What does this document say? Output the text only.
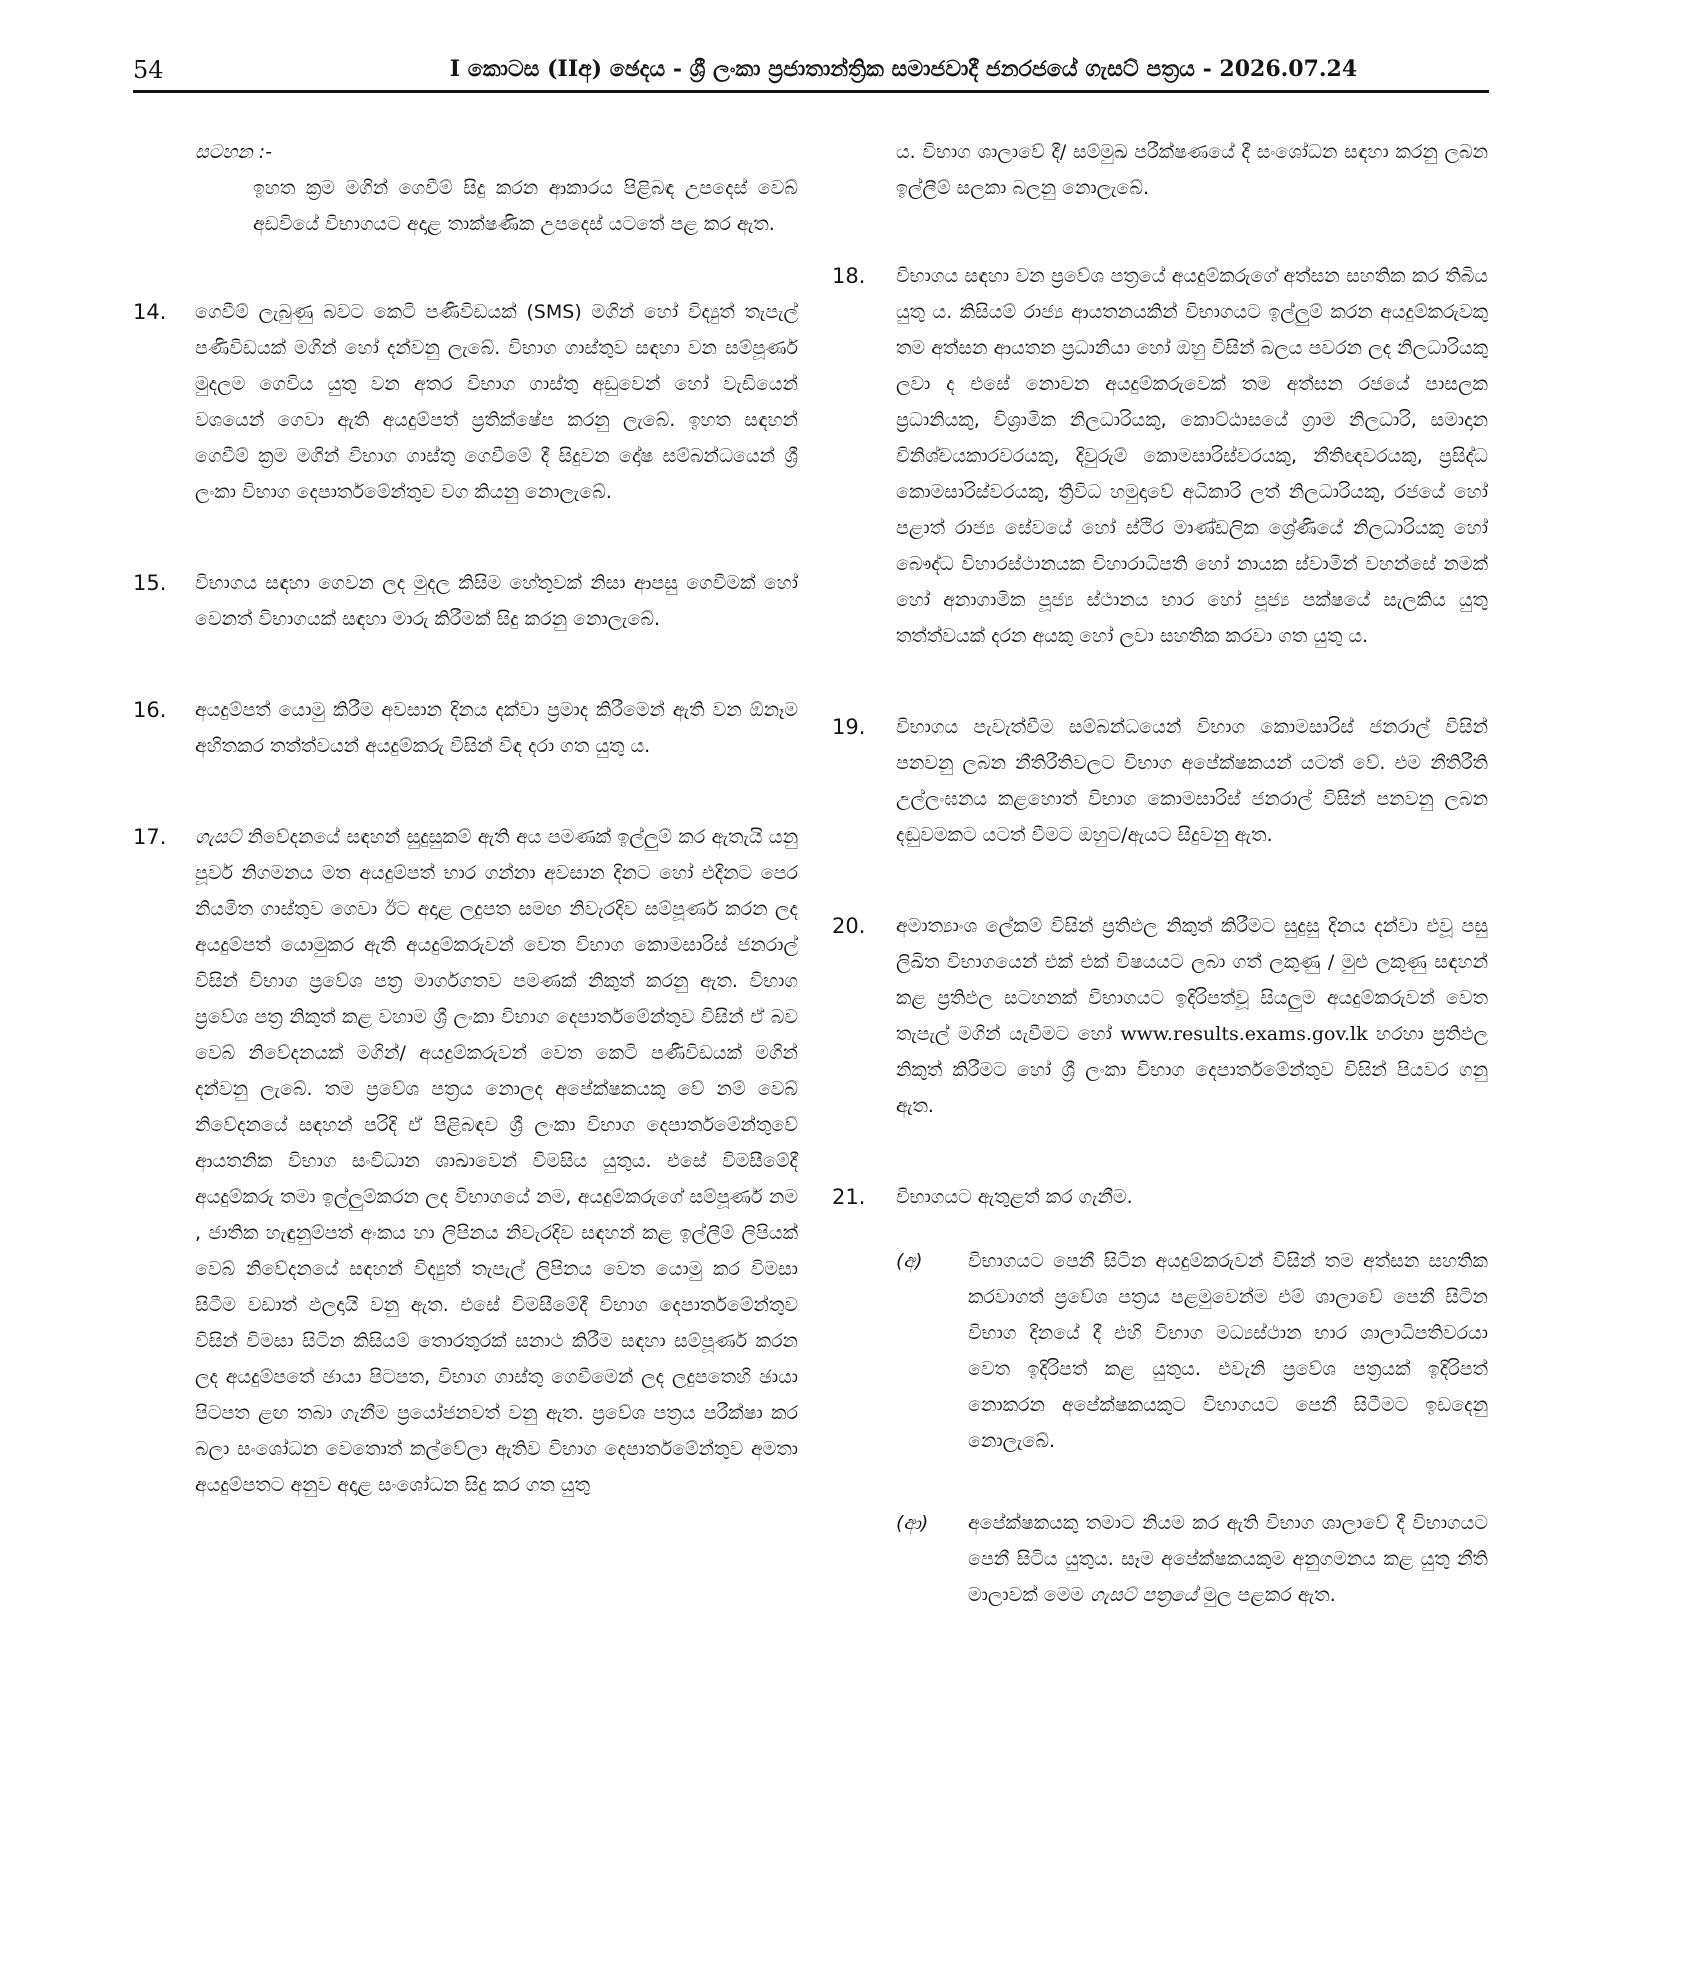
54	I කොටස (IIඅ) ඡෙදය - ශ්‍රී ලංකා ප්‍රජාතාන්ත්‍රික සමාජවාදී ජනරජයේ ගැසට් පත්‍රය - 2026.07.24
සටහන :-
ඉහත ක්‍රම මගින් ගෙවීම් සිදු කරන ආකාරය පිළිබඳ උපදෙස් වෙබ් අඩවියේ විභාගයට අදාළ තාක්ෂණික උපදෙස් යටතේ පළ කර ඇත.
14. ගෙවීම් ලැබුණු බවට කෙටි පණිවිඩයක් (SMS) මගින් හෝ විද්‍යුත් තැපැල් පණිවිඩයක් මගින් හෝ දන්වනු ලැබේ. විභාග ගාස්තුව සඳහා වන සම්පූර්ණ මුදලම ගෙවිය යුතු වන අතර විභාග ගාස්තු අඩුවෙන් හෝ වැඩියෙන් වශයෙන් ගෙවා ඇති අයදුම්පත් ප්‍රතික්ෂේප කරනු ලැබේ. ඉහත සඳහන් ගෙවීම් ක්‍රම මගින් විභාග ගාස්තු ගෙවීමේ දී සිදුවන දෝෂ සම්බන්ධයෙන් ශ්‍රී ලංකා විභාග දෙපාර්තමේන්තුව වග කියනු නොලැබේ.
15. විභාගය සඳහා ගෙවන ලද මුදල කිසිම හේතුවක් නිසා ආපසු ගෙවීමක් හෝ වෙනත් විභාගයක් සඳහා මාරු කිරීමක් සිදු කරනු නොලැබේ.
16. අයදුම්පත් යොමු කිරීම අවසාන දිනය දක්වා ප්‍රමාද කිරීමෙන් ඇති වන ඕනෑම අහිතකර තත්ත්වයන් අයදුම්කරු විසින් විඳ දරා ගත යුතු ය.
17. ගැසට් නිවේදනයේ සඳහන් සුදුසුකම් ඇති අය පමණක් ඉල්ලුම් කර ඇතැයි යනු පූර්ව නිගමනය මත අයදුම්පත් භාර ගන්නා අවසාන දිනට හෝ එදිනට පෙර නියමිත ගාස්තුව ගෙවා ඊට අදාළ ලදුපත සමඟ නිවැරදිව සම්පූර්ණ කරන ලද අයදුම්පත් යොමුකර ඇති අයදුම්කරුවන් වෙත විභාග කොමසාරිස් ජනරාල් විසින් විභාග ප්‍රවේශ පත්‍ර මාර්ගගතව පමණක් නිකුත් කරනු ඇත. විභාග ප්‍රවේශ පත්‍ර නිකුත් කළ වහාම ශ්‍රී ලංකා විභාග දෙපාර්තමේන්තුව විසින් ඒ බව වෙබ් නිවේදනයක් මගින්/ අයදුම්කරුවන් වෙත කෙටි පණිවිඩයක් මගින් දන්වනු ලැබේ. තම ප්‍රවේශ පත්‍රය නොලද අපේක්ෂකයකු වේ නම් වෙබ් නිවේදනයේ සඳහන් පරිදි ඒ පිළිබඳව ශ්‍රී ලංකා විභාග දෙපාර්තමේන්තුවේ ආයතනික විභාග සංවිධාන ශාඛාවෙන් විමසිය යුතුය. එසේ විමසීමේදී අයදුම්කරු තමා ඉල්ලුම්කරන ලද විභාගයේ නම, අයදුම්කරුගේ සම්පූර්ණ නම , ජාතික හැඳුනුම්පත් අංකය හා ලිපිනය නිවැරදිව සඳහන් කළ ඉල්ලීම් ලිපියක් වෙබ් නිවේදනයේ සඳහන් විද්‍යුත් තැපැල් ලිපිනය වෙත යොමු කර විමසා සිටීම වඩාත් ඵලදායි වනු ඇත. එසේ විමසීමේදී විභාග දෙපාර්තමේන්තුව විසින් විමසා සිටින කිසියම් තොරතුරක් සනාථ කිරීම සඳහා සම්පූර්ණ කරන ලද අයදුම්පතේ ඡායා පිටපත, විභාග ගාස්තු ගෙවීමෙන් ලද ලදුපතෙහි ඡායා පිටපත ළඟ තබා ගැනීම ප්‍රයෝජනවත් වනු ඇත. ප්‍රවේශ පත්‍රය පරීක්ෂා කර බලා සංශෝධන වෙතොත් කල්වේලා ඇතිව විභාග දෙපාර්තමේන්තුව අමතා අයදුම්පතට අනුව අදාළ සංශෝධන සිදු කර ගත යුතු
ය. විභාග ශාලාවේ දී/ සම්මුඛ පරීක්ෂණයේ දී සංශෝධන සඳහා කරනු ලබන ඉල්ලීම් සලකා බලනු නොලැබේ.
18. විභාගය සඳහා වන ප්‍රවේශ පත්‍රයේ අයදුම්කරුගේ අත්සන සහතික කර තිබිය යුතු ය. කිසියම් රාජ්‍ය ආයතනයකින් විභාගයට ඉල්ලුම් කරන අයදුම්කරුවකු තම අත්සන ආයතන ප්‍රධානියා හෝ ඔහු විසින් බලය පවරන ලද නිලධාරියකු ලවා ද එසේ නොවන අයදුම්කරුවෙක් තම අත්සන රජයේ පාසලක ප්‍රධානියකු, විශ්‍රාමික නිලධාරියකු, කොට්ඨාසයේ ග්‍රාම නිලධාරි, සමාදාන විනිශ්චයකාරවරයකු, දිවුරුම් කොමසාරිස්වරයකු, නීතිඥවරයකු, ප්‍රසිද්ධ කොමසාරිස්වරයකු, ත්‍රිවිධ හමුදාවේ අධිකාරි ලත් නිලධාරියකු, රජයේ හෝ පළාත් රාජ්‍ය සේවයේ හෝ ස්ථිර මාණ්ඩලික ශ්‍රේණියේ නිලධාරියකු හෝ බෞද්ධ විහාරස්ථානයක විහාරාධිපති හෝ නායක ස්වාමින් වහන්සේ නමක් හෝ අනාගාමික පූජ්‍ය ස්ථානය භාර හෝ පූජ්‍ය පක්ෂයේ සැලකිය යුතු තත්ත්වයක් දරන අයකු හෝ ලවා සහතික කරවා ගත යුතු ය.
19. විභාගය පැවැත්වීම සම්බන්ධයෙන් විභාග කොමසාරිස් ජනරාල් විසින් පනවනු ලබන නීතිරීතිවලට විභාග අපේක්ෂකයන් යටත් වේ. එම නීතිරීති උල්ලංඝනය කළහොත් විභාග කොමසාරිස් ජනරාල් විසින් පනවනු ලබන දඬුවමකට යටත් වීමට ඔහුට/ඇයට සිදුවනු ඇත.
20. අමාත්‍යාංශ ලේකම් විසින් ප්‍රතිඵල නිකුත් කිරීමට සුදුසු දිනය දන්වා එවූ පසු ලිඛිත විභාගයෙන් එක් එක් විෂයයට ලබා ගත් ලකුණු / මුළු ලකුණු සඳහන් කළ ප්‍රතිඵල සටහනක් විභාගයට ඉදිරිපත්වූ සියලුම අයදුම්කරුවන් වෙත තැපැල් මගින් යැවීමට හෝ www.results.exams.gov.lk හරහා ප්‍රතිඵල නිකුත් කිරීමට හෝ ශ්‍රී ලංකා විභාග දෙපාර්තමේන්තුව විසින් පියවර ගනු ඇත.
21. විභාගයට ඇතුළත් කර ගැනීම.
(අ)	විභාගයට පෙනී සිටින අයදුම්කරුවන් විසින් තම අත්සන සහතික කරවාගත් ප්‍රවේශ පත්‍රය පළමුවෙන්ම එම් ශාලාවේ පෙනී සිටින විභාග දිනයේ දී එහි විභාග මධ්‍යස්ථාන භාර ශාලාධිපතිවරයා වෙත ඉදිරිපත් කළ යුතුය. එවැනි ප්‍රවේශ පත්‍රයක් ඉදිරිපත් නොකරන අපේක්ෂකයකුට විභාගයට පෙනී සිටීමට ඉඩදෙනු නොලැබේ.
(ආ)	අපේක්ෂකයකු තමාට නියම කර ඇති විභාග ශාලාවේ දී විභාගයට පෙනී සිටිය යුතුය. සෑම අපේක්ෂකයකුම අනුගමනය කළ යුතු නීති මාලාවක් මෙම ගැසට් පත්‍රයේ මුල පළකර ඇත.
